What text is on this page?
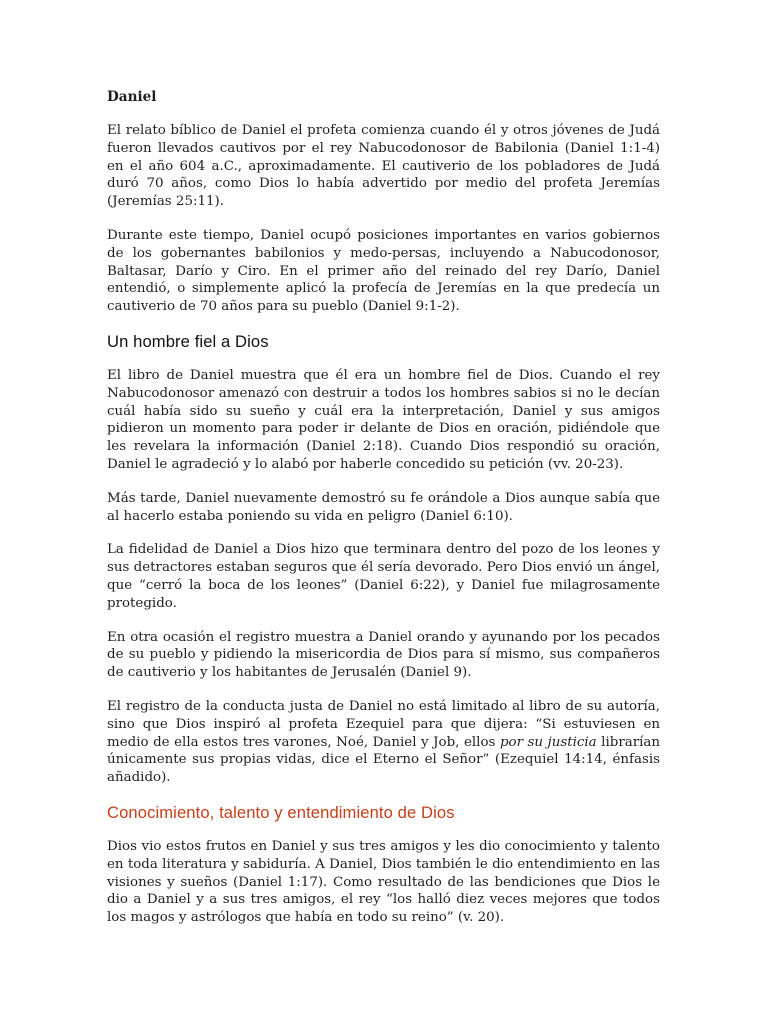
Daniel

El relato bíblico de Daniel el profeta comienza cuando él y otros jóvenes de Judá fueron llevados cautivos por el rey Nabucodonosor de Babilonia (Daniel 1:1-4) en el año 604 a.C., aproximadamente. El cautiverio de los pobladores de Judá duró 70 años, como Dios lo había advertido por medio del profeta Jeremías (Jeremías 25:11).

Durante este tiempo, Daniel ocupó posiciones importantes en varios gobiernos de los gobernantes babilonios y medo-persas, incluyendo a Nabucodonosor, Baltasar, Darío y Ciro. En el primer año del reinado del rey Darío, Daniel entendió, o simplemente aplicó la profecía de Jeremías en la que predecía un cautiverio de 70 años para su pueblo (Daniel 9:1-2).

Un hombre fiel a Dios

El libro de Daniel muestra que él era un hombre fiel de Dios. Cuando el rey Nabucodonosor amenazó con destruir a todos los hombres sabios si no le decían cuál había sido su sueño y cuál era la interpretación, Daniel y sus amigos pidieron un momento para poder ir delante de Dios en oración, pidiéndole que les revelara la información (Daniel 2:18). Cuando Dios respondió su oración, Daniel le agradeció y lo alabó por haberle concedido su petición (vv. 20-23).

Más tarde, Daniel nuevamente demostró su fe orándole a Dios aunque sabía que al hacerlo estaba poniendo su vida en peligro (Daniel 6:10).

La fidelidad de Daniel a Dios hizo que terminara dentro del pozo de los leones y sus detractores estaban seguros que él sería devorado. Pero Dios envió un ángel, que “cerró la boca de los leones” (Daniel 6:22), y Daniel fue milagrosamente protegido.

En otra ocasión el registro muestra a Daniel orando y ayunando por los pecados de su pueblo y pidiendo la misericordia de Dios para sí mismo, sus compañeros de cautiverio y los habitantes de Jerusalén (Daniel 9).

El registro de la conducta justa de Daniel no está limitado al libro de su autoría, sino que Dios inspiró al profeta Ezequiel para que dijera: “Si estuviesen en medio de ella estos tres varones, Noé, Daniel y Job, ellos por su justicia librarían únicamente sus propias vidas, dice el Eterno el Señor” (Ezequiel 14:14, énfasis añadido).

Conocimiento, talento y entendimiento de Dios

Dios vio estos frutos en Daniel y sus tres amigos y les dio conocimiento y talento en toda literatura y sabiduría. A Daniel, Dios también le dio entendimiento en las visiones y sueños (Daniel 1:17). Como resultado de las bendiciones que Dios le dio a Daniel y a sus tres amigos, el rey “los halló diez veces mejores que todos los magos y astrólogos que había en todo su reino” (v. 20).
